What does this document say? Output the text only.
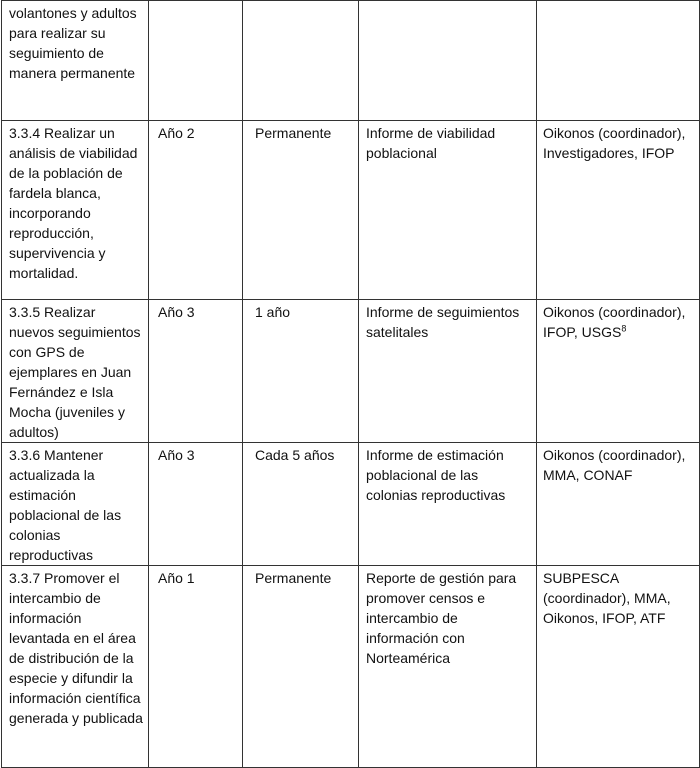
volantones y adultos para realizar su seguimiento de manera permanente				
3.3.4 Realizar un análisis de viabilidad de la población de fardela blanca, incorporando reproducción, supervivencia y mortalidad.	Año 2	Permanente	Informe de viabilidad poblacional	Oikonos (coordinador), Investigadores, IFOP
3.3.5 Realizar nuevos seguimientos con GPS de ejemplares en Juan Fernández e Isla Mocha (juveniles y adultos)	Año 3	1 año	Informe de seguimientos satelitales	Oikonos (coordinador), IFOP, USGS$^8$
3.3.6 Mantener actualizada la estimación poblacional de las colonias reproductivas	Año 3	Cada 5 años	Informe de estimación poblacional de las colonias reproductivas	Oikonos (coordinador), MMA, CONAF
3.3.7 Promover el intercambio de información levantada en el área de distribución de la especie y difundir la información científica generada y publicada	Año 1	Permanente	Reporte de gestión para promover censos e intercambio de información con Norteamérica	SUBPESCA (coordinador), MMA, Oikonos, IFOP, ATF
